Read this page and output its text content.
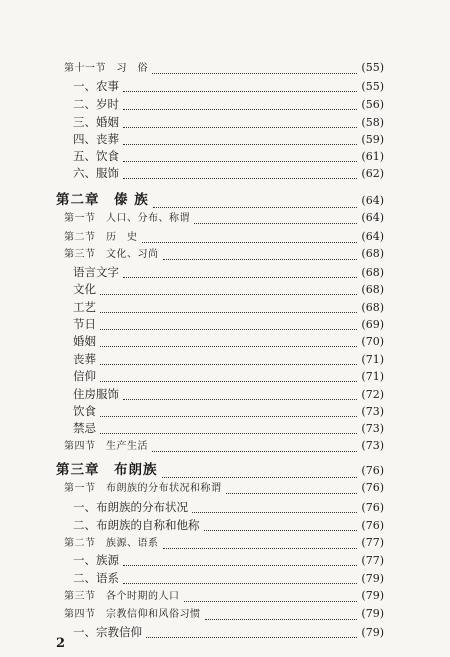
第十一节　习　俗	(55)
一、农事	(55)
二、岁时	(56)
三、婚姻	(58)
四、丧葬	(59)
五、饮食	(61)
六、服饰	(62)
第二章　傣 族	(64)
第一节　人口、分布、称谓	(64)
第二节　历　史	(64)
第三节　文化、习尚	(68)
语言文字	(68)
文化	(68)
工艺	(68)
节日	(69)
婚姻	(70)
丧葬	(71)
信仰	(71)
住房服饰	(72)
饮食	(73)
禁忌	(73)
第四节　生产生活	(73)
第三章　布朗族	(76)
第一节　布朗族的分布状况和称谓	(76)
一、布朗族的分布状况	(76)
二、布朗族的自称和他称	(76)
第二节　族源、语系	(77)
一、族源	(77)
二、语系	(79)
第三节　各个时期的人口	(79)
第四节　宗教信仰和风俗习惯	(79)
一、宗教信仰	(79)
2
